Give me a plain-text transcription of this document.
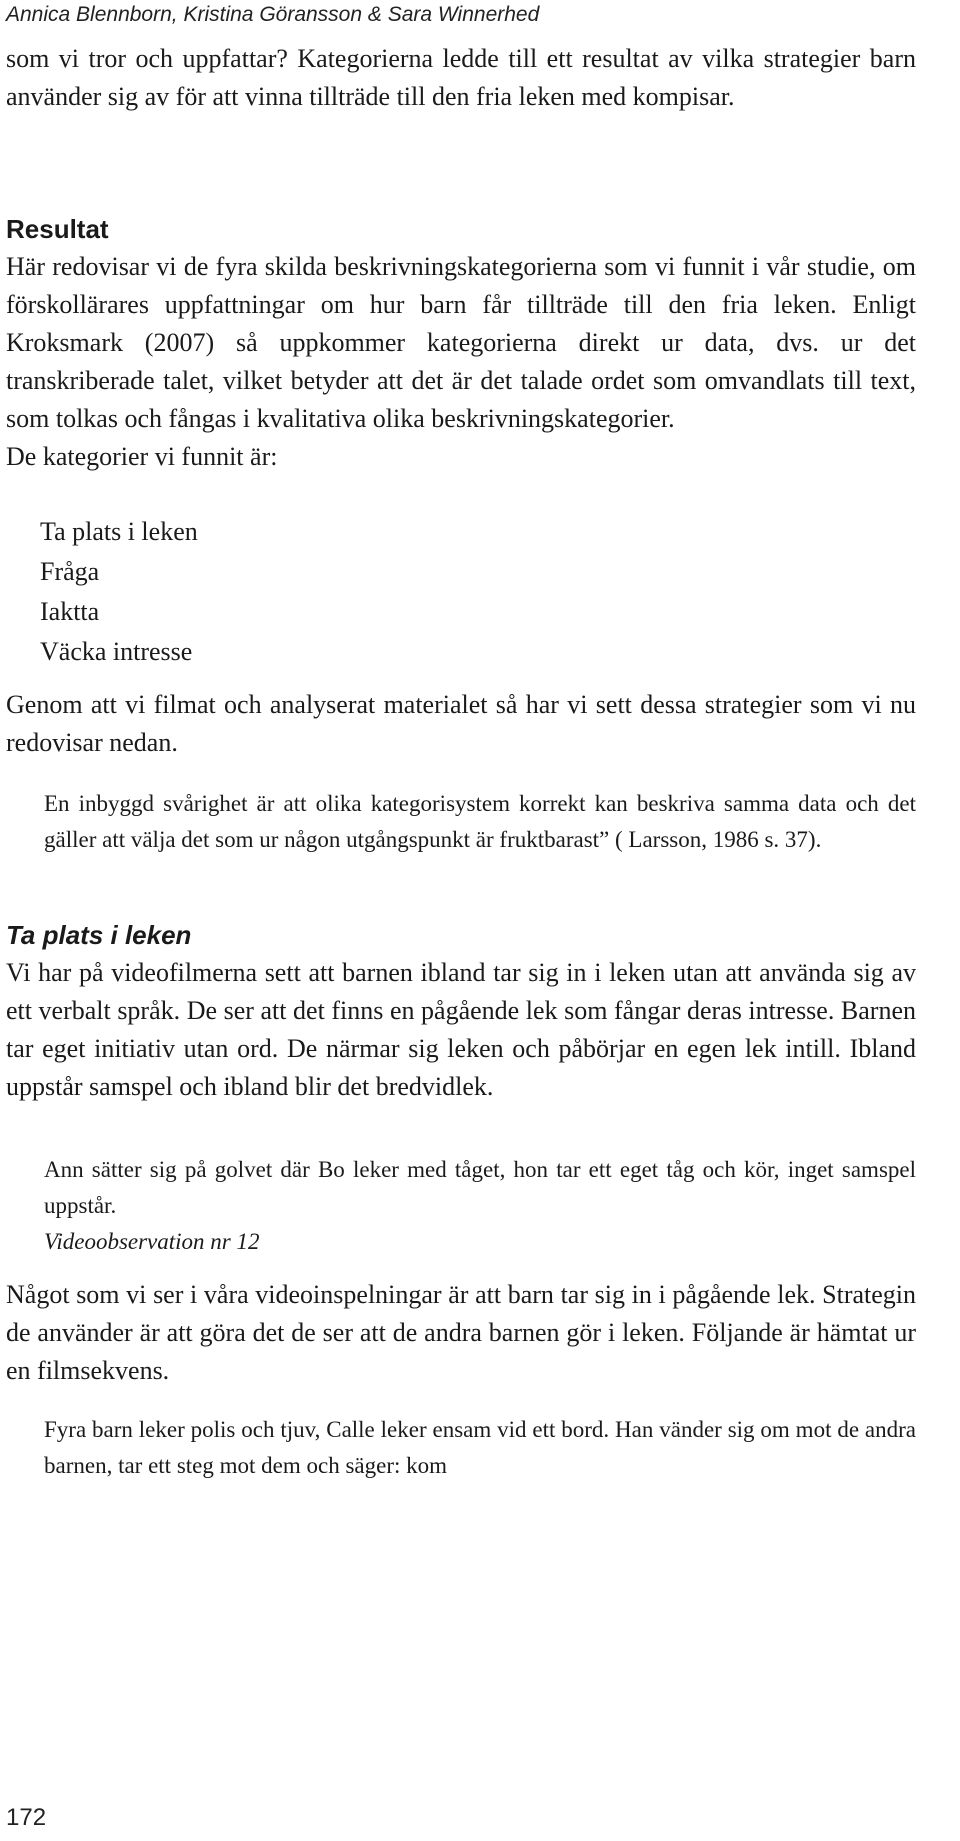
Annica Blennborn, Kristina Göransson & Sara Winnerhed

som vi tror och uppfattar? Kategorierna ledde till ett resultat av vilka strategier barn använder sig av för att vinna tillträde till den fria leken med kompisar.

Resultat

Här redovisar vi de fyra skilda beskrivningskategorierna som vi funnit i vår studie, om förskollärares uppfattningar om hur barn får tillträde till den fria leken. Enligt Kroksmark (2007) så uppkommer kategorierna direkt ur data, dvs. ur det transkriberade talet, vilket betyder att det är det talade ordet som omvandlats till text, som tolkas och fångas i kvalitativa olika beskrivningskategorier.

De kategorier vi funnit är:

Ta plats i leken

Fråga

Iaktta

Väcka intresse

Genom att vi filmat och analyserat materialet så har vi sett dessa strategier som vi nu redovisar nedan.

En inbyggd svårighet är att olika kategorisystem korrekt kan beskriva samma data och det gäller att välja det som ur någon utgångspunkt är fruktbarast” ( Larsson, 1986 s. 37).

Ta plats i leken

Vi har på videofilmerna sett att barnen ibland tar sig in i leken utan att använda sig av ett verbalt språk. De ser att det finns en pågående lek som fångar deras intresse. Barnen tar eget initiativ utan ord. De närmar sig leken och påbörjar en egen lek intill. Ibland uppstår samspel och ibland blir det bredvidlek.

Ann sätter sig på golvet där Bo leker med tåget, hon tar ett eget tåg och kör, inget samspel uppstår.

Videoobservation nr 12

Något som vi ser i våra videoinspelningar är att barn tar sig in i pågående lek. Strategin de använder är att göra det de ser att de andra barnen gör i leken. Följande är hämtat ur en filmsekvens.

Fyra barn leker polis och tjuv, Calle leker ensam vid ett bord. Han vänder sig om mot de andra barnen, tar ett steg mot dem och säger: kom

172
